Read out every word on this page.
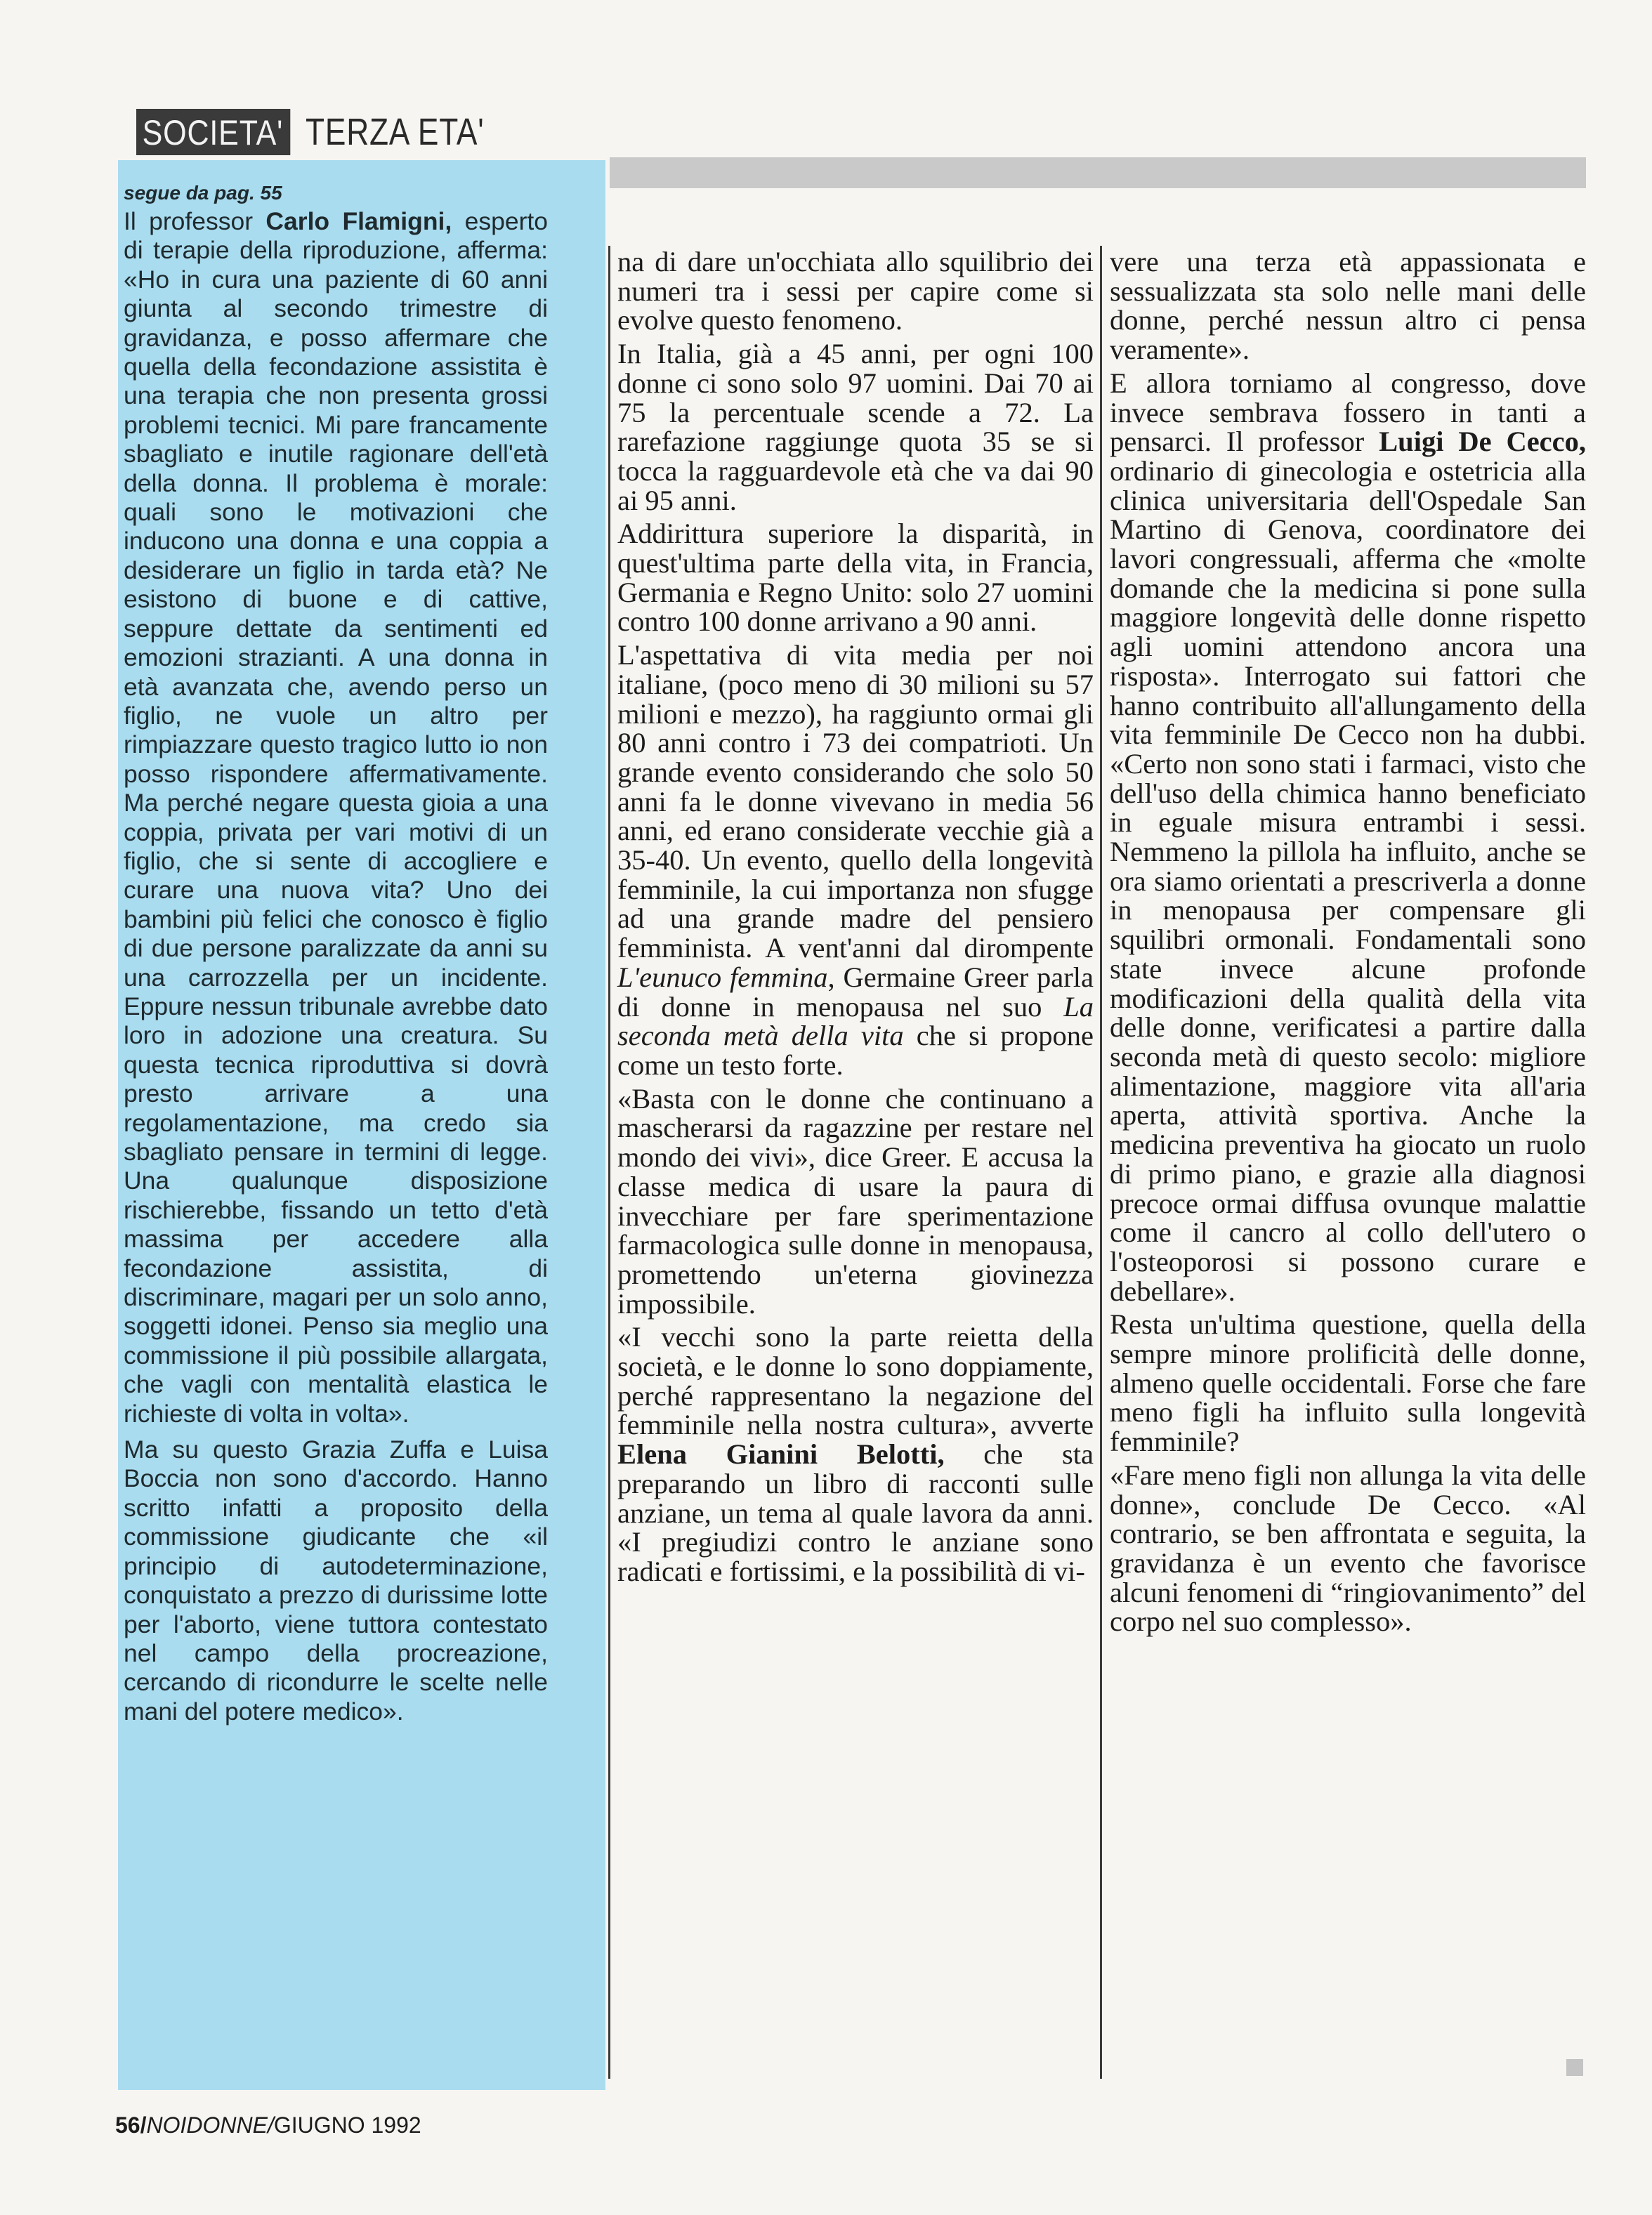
SOCIETA' TERZA ETA'

segue da pag. 55

Il professor Carlo Flamigni, esperto di terapie della riproduzione, afferma: «Ho in cura una paziente di 60 anni giunta al secondo trimestre di gravidanza, e posso affermare che quella della fecondazione assistita è una terapia che non presenta grossi problemi tecnici. Mi pare francamente sbagliato e inutile ragionare dell'età della donna. Il problema è morale: quali sono le motivazioni che inducono una donna e una coppia a desiderare un figlio in tarda età? Ne esistono di buone e di cattive, seppure dettate da sentimenti ed emozioni strazianti. A una donna in età avanzata che, avendo perso un figlio, ne vuole un altro per rimpiazzare questo tragico lutto io non posso rispondere affermativamente. Ma perché negare questa gioia a una coppia, privata per vari motivi di un figlio, che si sente di accogliere e curare una nuova vita? Uno dei bambini più felici che conosco è figlio di due persone paralizzate da anni su una carrozzella per un incidente. Eppure nessun tribunale avrebbe dato loro in adozione una creatura. Su questa tecnica riproduttiva si dovrà presto arrivare a una regolamentazione, ma credo sia sbagliato pensare in termini di legge. Una qualunque disposizione rischierebbe, fissando un tetto d'età massima per accedere alla fecondazione assistita, di discriminare, magari per un solo anno, soggetti idonei. Penso sia meglio una commissione il più possibile allargata, che vagli con mentalità elastica le richieste di volta in volta».

Ma su questo Grazia Zuffa e Luisa Boccia non sono d'accordo. Hanno scritto infatti a proposito della commissione giudicante che «il principio di autodeterminazione, conquistato a prezzo di durissime lotte per l'aborto, viene tuttora contestato nel campo della procreazione, cercando di ricondurre le scelte nelle mani del potere medico».

na di dare un'occhiata allo squilibrio dei numeri tra i sessi per capire come si evolve questo fenomeno.

In Italia, già a 45 anni, per ogni 100 donne ci sono solo 97 uomini. Dai 70 ai 75 la percentuale scende a 72. La rarefazione raggiunge quota 35 se si tocca la ragguardevole età che va dai 90 ai 95 anni.

Addirittura superiore la disparità, in quest'ultima parte della vita, in Francia, Germania e Regno Unito: solo 27 uomini contro 100 donne arrivano a 90 anni.

L'aspettativa di vita media per noi italiane, (poco meno di 30 milioni su 57 milioni e mezzo), ha raggiunto ormai gli 80 anni contro i 73 dei compatrioti. Un grande evento considerando che solo 50 anni fa le donne vivevano in media 56 anni, ed erano considerate vecchie già a 35-40. Un evento, quello della longevità femminile, la cui importanza non sfugge ad una grande madre del pensiero femminista. A vent'anni dal dirompente L'eunuco femmina, Germaine Greer parla di donne in menopausa nel suo La seconda metà della vita che si propone come un testo forte.

«Basta con le donne che continuano a mascherarsi da ragazzine per restare nel mondo dei vivi», dice Greer. E accusa la classe medica di usare la paura di invecchiare per fare sperimentazione farmacologica sulle donne in menopausa, promettendo un'eterna giovinezza impossibile.

«I vecchi sono la parte reietta della società, e le donne lo sono doppiamente, perché rappresentano la negazione del femminile nella nostra cultura», avverte Elena Gianini Belotti, che sta preparando un libro di racconti sulle anziane, un tema al quale lavora da anni. «I pregiudizi contro le anziane sono radicati e fortissimi, e la possibilità di vi-

vere una terza età appassionata e sessualizzata sta solo nelle mani delle donne, perché nessun altro ci pensa veramente».

E allora torniamo al congresso, dove invece sembrava fossero in tanti a pensarci. Il professor Luigi De Cecco, ordinario di ginecologia e ostetricia alla clinica universitaria dell'Ospedale San Martino di Genova, coordinatore dei lavori congressuali, afferma che «molte domande che la medicina si pone sulla maggiore longevità delle donne rispetto agli uomini attendono ancora una risposta». Interrogato sui fattori che hanno contribuito all'allungamento della vita femminile De Cecco non ha dubbi. «Certo non sono stati i farmaci, visto che dell'uso della chimica hanno beneficiato in eguale misura entrambi i sessi. Nemmeno la pillola ha influito, anche se ora siamo orientati a prescriverla a donne in menopausa per compensare gli squilibri ormonali. Fondamentali sono state invece alcune profonde modificazioni della qualità della vita delle donne, verificatesi a partire dalla seconda metà di questo secolo: migliore alimentazione, maggiore vita all'aria aperta, attività sportiva. Anche la medicina preventiva ha giocato un ruolo di primo piano, e grazie alla diagnosi precoce ormai diffusa ovunque malattie come il cancro al collo dell'utero o l'osteoporosi si possono curare e debellare».

Resta un'ultima questione, quella della sempre minore prolificità delle donne, almeno quelle occidentali. Forse che fare meno figli ha influito sulla longevità femminile?

«Fare meno figli non allunga la vita delle donne», conclude De Cecco. «Al contrario, se ben affrontata e seguita, la gravidanza è un evento che favorisce alcuni fenomeni di “ringiovanimento” del corpo nel suo complesso».

56/ NOIDONNE/ GIUGNO 1992
